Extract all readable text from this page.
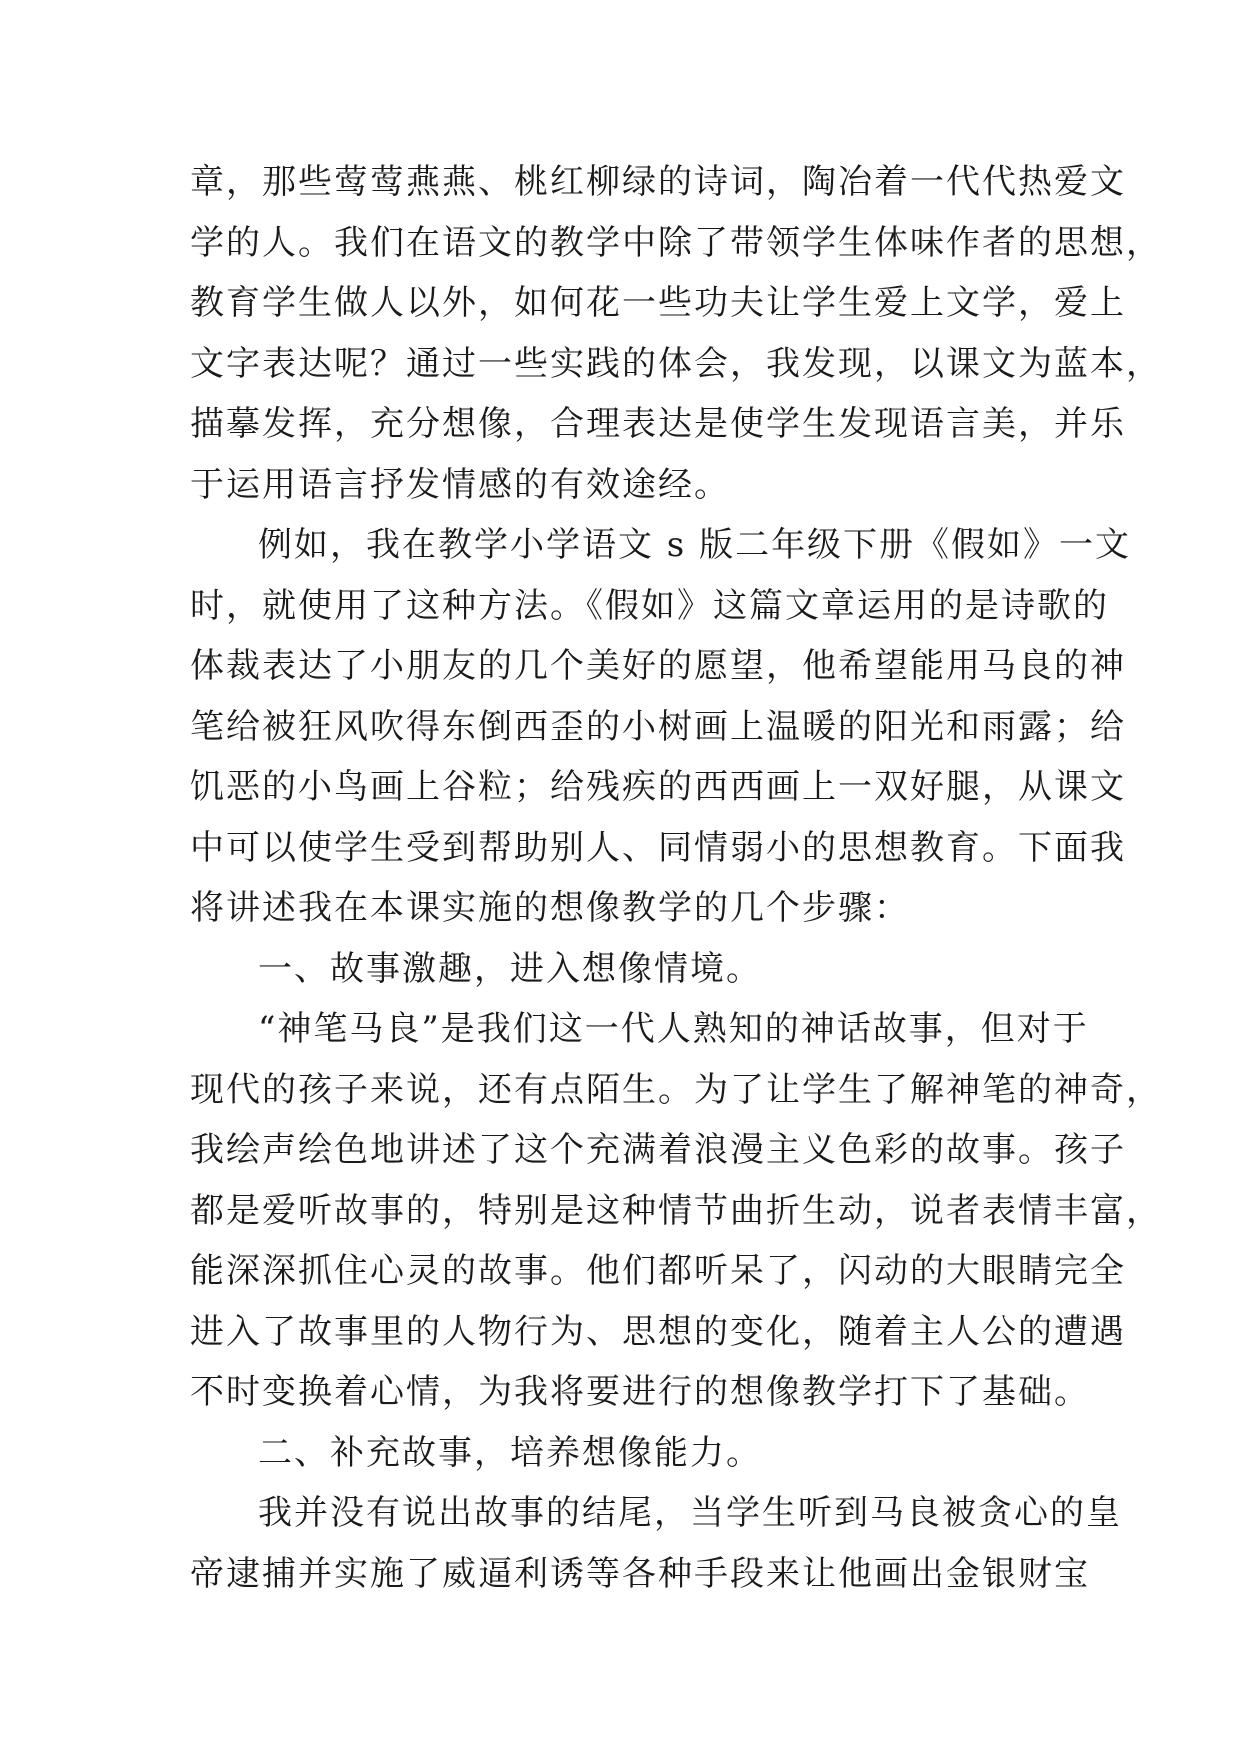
章，那些莺莺燕燕、桃红柳绿的诗词，陶冶着一代代热爱文
学的人。我们在语文的教学中除了带领学生体味作者的思想，
教育学生做人以外，如何花一些功夫让学生爱上文学，爱上
文字表达呢？通过一些实践的体会，我发现，以课文为蓝本，
描摹发挥，充分想像，合理表达是使学生发现语言美，并乐
于运用语言抒发情感的有效途经。
例如，我在教学小学语文 s 版二年级下册《假如》一文
时，就使用了这种方法。《假如》这篇文章运用的是诗歌的
体裁表达了小朋友的几个美好的愿望，他希望能用马良的神
笔给被狂风吹得东倒西歪的小树画上温暖的阳光和雨露；给
饥恶的小鸟画上谷粒；给残疾的西西画上一双好腿，从课文
中可以使学生受到帮助别人、同情弱小的思想教育。下面我
将讲述我在本课实施的想像教学的几个步骤：
一、故事激趣，进入想像情境。
“神笔马良”是我们这一代人熟知的神话故事，但对于
现代的孩子来说，还有点陌生。为了让学生了解神笔的神奇，
我绘声绘色地讲述了这个充满着浪漫主义色彩的故事。孩子
都是爱听故事的，特别是这种情节曲折生动，说者表情丰富，
能深深抓住心灵的故事。他们都听呆了，闪动的大眼睛完全
进入了故事里的人物行为、思想的变化，随着主人公的遭遇
不时变换着心情，为我将要进行的想像教学打下了基础。
二、补充故事，培养想像能力。
我并没有说出故事的结尾，当学生听到马良被贪心的皇
帝逮捕并实施了威逼利诱等各种手段来让他画出金银财宝
